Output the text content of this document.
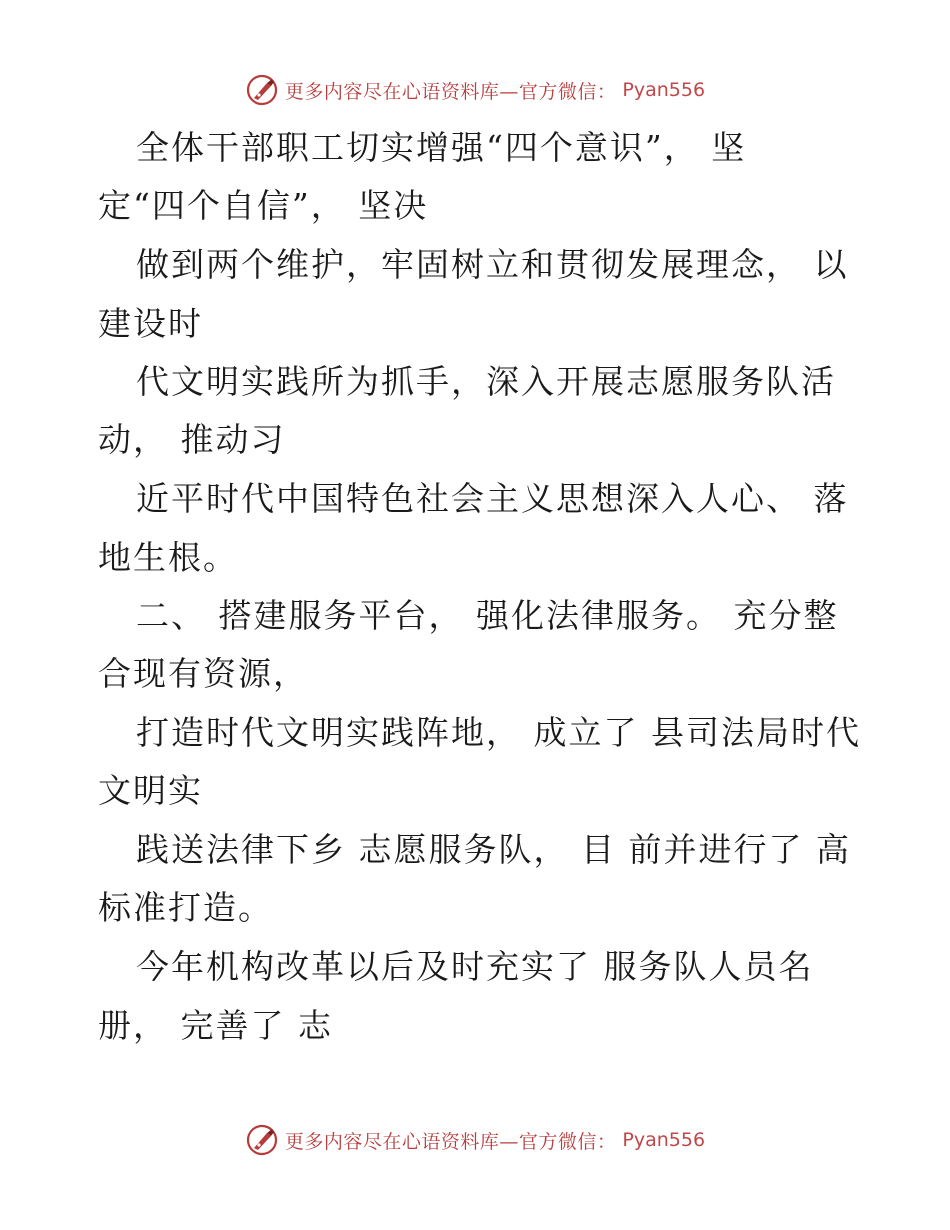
更多内容尽在心语资料库—官方微信： Pyan556
全体干部职工切实增强“四个意识”， 坚
定“四个自信”， 坚决
做到两个维护，牢固树立和贯彻发展理念， 以
建设时
代文明实践所为抓手，深入开展志愿服务队活
动， 推动习
近平时代中国特色社会主义思想深入人心、 落
地生根。
二、 搭建服务平台， 强化法律服务。 充分整
合现有资源，
打造时代文明实践阵地， 成立了 县司法局时代
文明实
践送法律下乡 志愿服务队， 目 前并进行了 高
标准打造。
今年机构改革以后及时充实了 服务队人员名
册， 完善了 志
更多内容尽在心语资料库—官方微信： Pyan556
